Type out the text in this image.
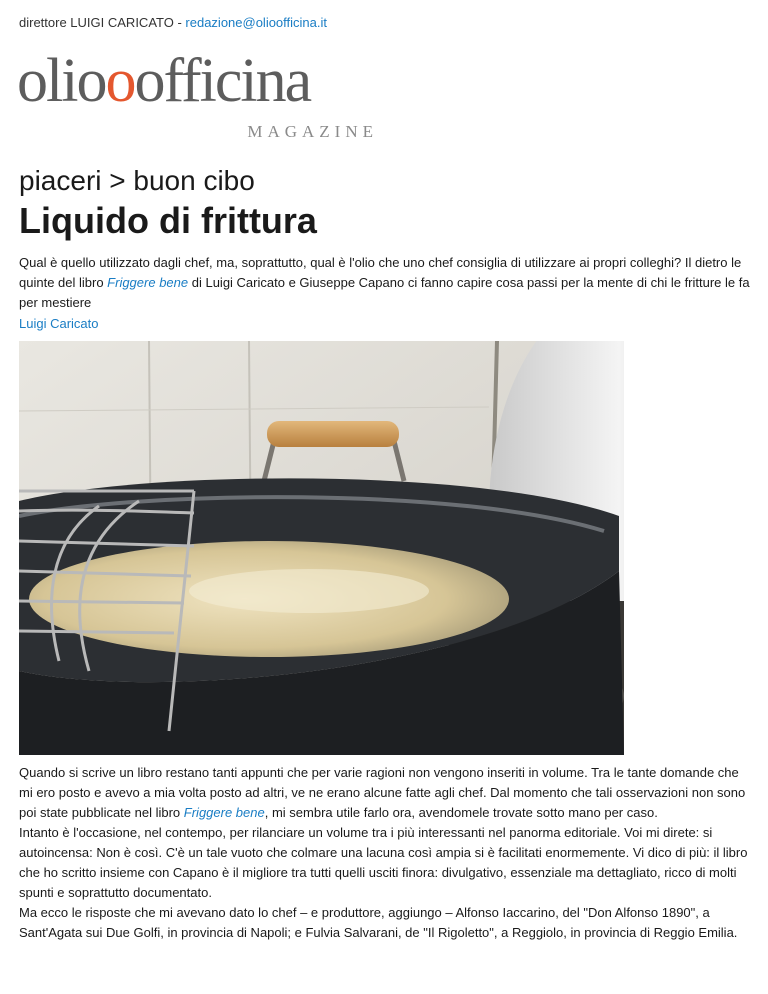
direttore LUIGI CARICATO - redazione@olioofficina.it
oliooofficina
MAGAZINE
piaceri > buon cibo
Liquido di frittura

Qual è quello utilizzato dagli chef, ma, soprattutto, qual è l'olio che uno chef consiglia di utilizzare ai propri colleghi? Il dietro le quinte del libro Friggere bene di Luigi Caricato e Giuseppe Capano ci fanno capire cosa passi per la mente di chi le fritture le fa per mestiere

Luigi Caricato

Quando si scrive un libro restano tanti appunti che per varie ragioni non vengono inseriti in volume. Tra le tante domande che mi ero posto e avevo a mia volta posto ad altri, ve ne erano alcune fatte agli chef. Dal momento che tali osservazioni non sono poi state pubblicate nel libro Friggere bene, mi sembra utile farlo ora, avendomele trovate sotto mano per caso.

Intanto è l'occasione, nel contempo, per rilanciare un volume tra i più interessanti nel panorma editoriale. Voi mi direte: si autoincensa: Non è così. C'è un tale vuoto che colmare una lacuna così ampia si è facilitati enormemente. Vi dico di più: il libro che ho scritto insieme con Capano è il migliore tra tutti quelli usciti finora: divulgativo, essenziale ma dettagliato, ricco di molti spunti e soprattutto documentato.

Ma ecco le risposte che mi avevano dato lo chef – e produttore, aggiungo – Alfonso Iaccarino, del "Don Alfonso 1890", a Sant'Agata sui Due Golfi, in provincia di Napoli; e Fulvia Salvarani, de "Il Rigoletto", a Reggiolo, in provincia di Reggio Emilia.
